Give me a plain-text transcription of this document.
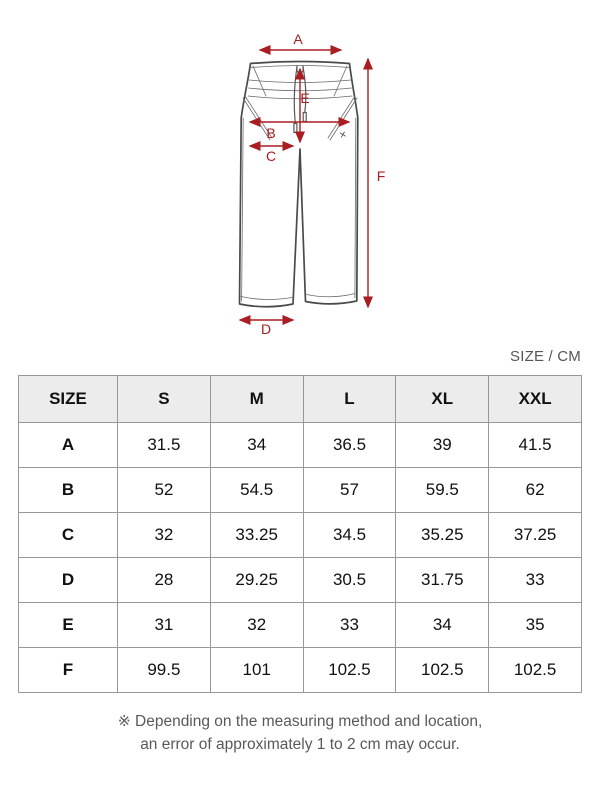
✕
A
E
B
C
D
F
SIZE / CM
SIZE	S	M	L	XL	XXL
A	31.5	34	36.5	39	41.5
B	52	54.5	57	59.5	62
C	32	33.25	34.5	35.25	37.25
D	28	29.25	30.5	31.75	33
E	31	32	33	34	35
F	99.5	101	102.5	102.5	102.5
※ Depending on the measuring method and location,
an error of approximately 1 to 2 cm may occur.
